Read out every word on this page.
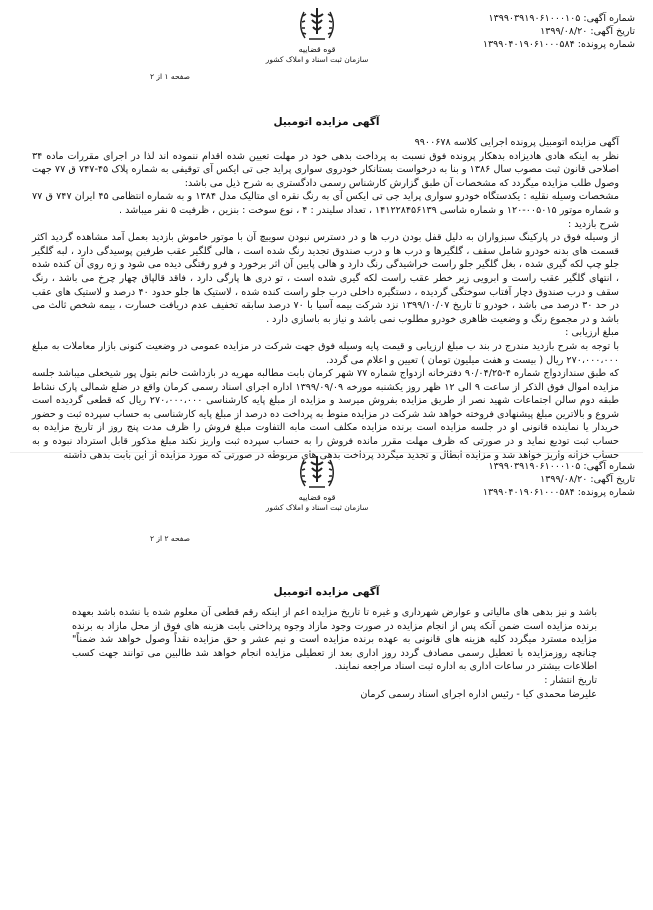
شماره آگهی: ۱۳۹۹۰۳۹۱۹۰۶۱۰۰۰۱۰۵
تاریخ آگهی: ۱۳۹۹/۰۸/۲۰
شماره پرونده: ۱۳۹۹۰۴۰۱۹۰۶۱۰۰۰۵۸۴
قوه قضاییه
سازمان ثبت اسناد و املاک کشور
صفحه ۱ از ۲
آگهی مزایده اتومبیل

آگهی مزایده اتومبیل پرونده اجرایی کلاسه ۹۹۰۰۶۷۸

نظر به اینکه هادی هادیزاده بدهکار پرونده فوق نسبت به پرداخت بدهی خود در مهلت تعیین شده اقدام ننموده اند لذا در اجرای مقررات ماده ۳۴ اصلاحی قانون ثبت مصوب سال ۱۳۸۶ و بنا به درخواست بستانکار خودروی سواری پراید جی تی ایکس آی توقیفی به شماره پلاک ۴۵-۷۴۷ ق ۷۷ جهت وصول طلب مزایده میگردد که مشخصات آن طبق گزارش کارشناس رسمی دادگستری به شرح ذیل می باشد:

مشخصات وسیله نقلیه : یکدستگاه خودرو سواری پراید جی تی ایکس آی به رنگ نقره ای متالیک مدل ۱۳۸۴ و به شماره انتظامی ۴۵ ایران ۷۴۷ ق ۷۷ و شماره موتور ۰۰۵۰۱۵-۱۲۰ و شماره شاسی ۱۴۱۲۲۸۴۵۶۱۳۹ ، تعداد سلیندر : ۴ ، نوع سوخت : بنزین ، ظرفیت ۵ نفر میباشد .

شرح بازدید :

از وسیله فوق در پارکینگ سبزواران به دلیل قفل بودن درب ها و در دسترس نبودن سوییچ آن با موتور خاموش بازدید بعمل آمد مشاهده گردید اکثر قسمت های بدنه خودرو شامل سقف ، گلگیرها و درب ها و درب صندوق تجدید رنگ شده است ، هالی گلگیر عقب طرفین پوسیدگی دارد ، لبه گلگیر جلو چپ لکه گیری شده ، بغل گلگیر جلو راست خراشیدگی رنگ دارد و هالی پایین آن اثر برخورد و فرو رفتگی دیده می شود و زه روی آن کنده شده ، انتهای گلگیر عقب راست و ابرویی زیر خطر عقب راست لکه گیری شده است ، تو دری ها پارگی دارد ، فاقد قالپاق چهار چرخ می باشد ، رنگ سقف و درب صندوق دچار آفتاب سوختگی گردیده ، دستگیره داخلی درب جلو راست کنده شده ، لاستیک ها جلو حدود ۴۰ درصد و لاستیک های عقب در حد ۳۰ درصد می باشد ، خودرو تا تاریخ ۱۳۹۹/۱۰/۰۷ نزد شرکت بیمه آسیا با ۷۰ درصد سابقه تخفیف عدم دریافت خسارت ، بیمه شخص ثالث می باشد و در مجموع رنگ و وضعیت ظاهری خودرو مطلوب نمی باشد و نیاز به باسازی دارد .

مبلغ ارزیابی :

با توجه به شرح بازدید مندرج در بند ب مبلغ ارزیابی و قیمت پایه وسیله فوق جهت شرکت در مزایده عمومی در وضعیت کنونی بازار معاملات به مبلغ ۲۷۰،۰۰۰،۰۰۰ ریال ( بیست و هفت میلیون تومان ) تعیین و اعلام می گردد.

که طبق سندازدواج شماره ۴-۹۰/۰۴/۲۵ دفترخانه ازدواج شماره ۷۷ شهر کرمان بابت مطالبه مهریه در بازداشت خانم بتول پور شیخعلی میباشد جلسه مزایده اموال فوق الذکر از ساعت ۹ الی ۱۲ ظهر روز یکشنبه مورخه ۱۳۹۹/۰۹/۰۹ اداره اجرای اسناد رسمی کرمان واقع در ضلع شمالی پارک نشاط طبقه دوم سالن اجتماعات شهید نصر از طریق مزایده بفروش میرسد و مزایده از مبلغ پایه کارشناسی ۲۷۰،۰۰۰،۰۰۰ ریال که قطعی گردیده است شروع و بالاترین مبلغ پیشنهادی فروخته خواهد شد شرکت در مزایده منوط به پرداخت ده درصد از مبلغ پایه کارشناسی به حساب سپرده ثبت و حضور خریدار یا نماینده قانونی او در جلسه مزایده است برنده مزایده مکلف است مابه التفاوت مبلغ فروش را ظرف مدت پنج روز از تاریخ مزایده به حساب ثبت تودیع نماید و در صورتی که ظرف مهلت مقرر مانده فروش را به حساب سپرده ثبت واریز نکند مبلغ مذکور قابل استرداد نبوده و به حساب خزانه واریز خواهد شد و مزایده ابطال و تجدید میگردد پرداخت بدهی های مربوطه در صورتی که مورد مزایده از این بابت بدهی داشته

شماره آگهی: ۱۳۹۹۰۳۹۱۹۰۶۱۰۰۰۱۰۵
تاریخ آگهی: ۱۳۹۹/۰۸/۲۰
شماره پرونده: ۱۳۹۹۰۴۰۱۹۰۶۱۰۰۰۵۸۴
قوه قضاییه
سازمان ثبت اسناد و املاک کشور
صفحه ۲ از ۲
آگهی مزایده اتومبیل

باشد و نیز بدهی های مالیاتی و عوارض شهرداری و غیره تا تاریخ مزایده اعم از اینکه رقم قطعی آن معلوم شده یا نشده باشد بعهده برنده مزایده است ضمن آنکه پس از انجام مزایده در صورت وجود مازاد وجوه پرداختی بابت هزینه های فوق از محل مازاد به برنده مزایده مسترد میگردد کلیه هزینه های قانونی به عهده برنده مزایده است و نیم عشر و حق مزایده نقداً وصول خواهد شد ضمناً" چنانچه روزمزایده با تعطیل رسمی مصادف گردد روز اداری بعد از تعطیلی مزایده انجام خواهد شد طالبین می توانند جهت کسب اطلاعات بیشتر در ساعات اداری به اداره ثبت اسناد مراجعه نمایند.

تاریخ انتشار :

علیرضا محمدی کیا - رئیس اداره اجرای اسناد رسمی کرمان
